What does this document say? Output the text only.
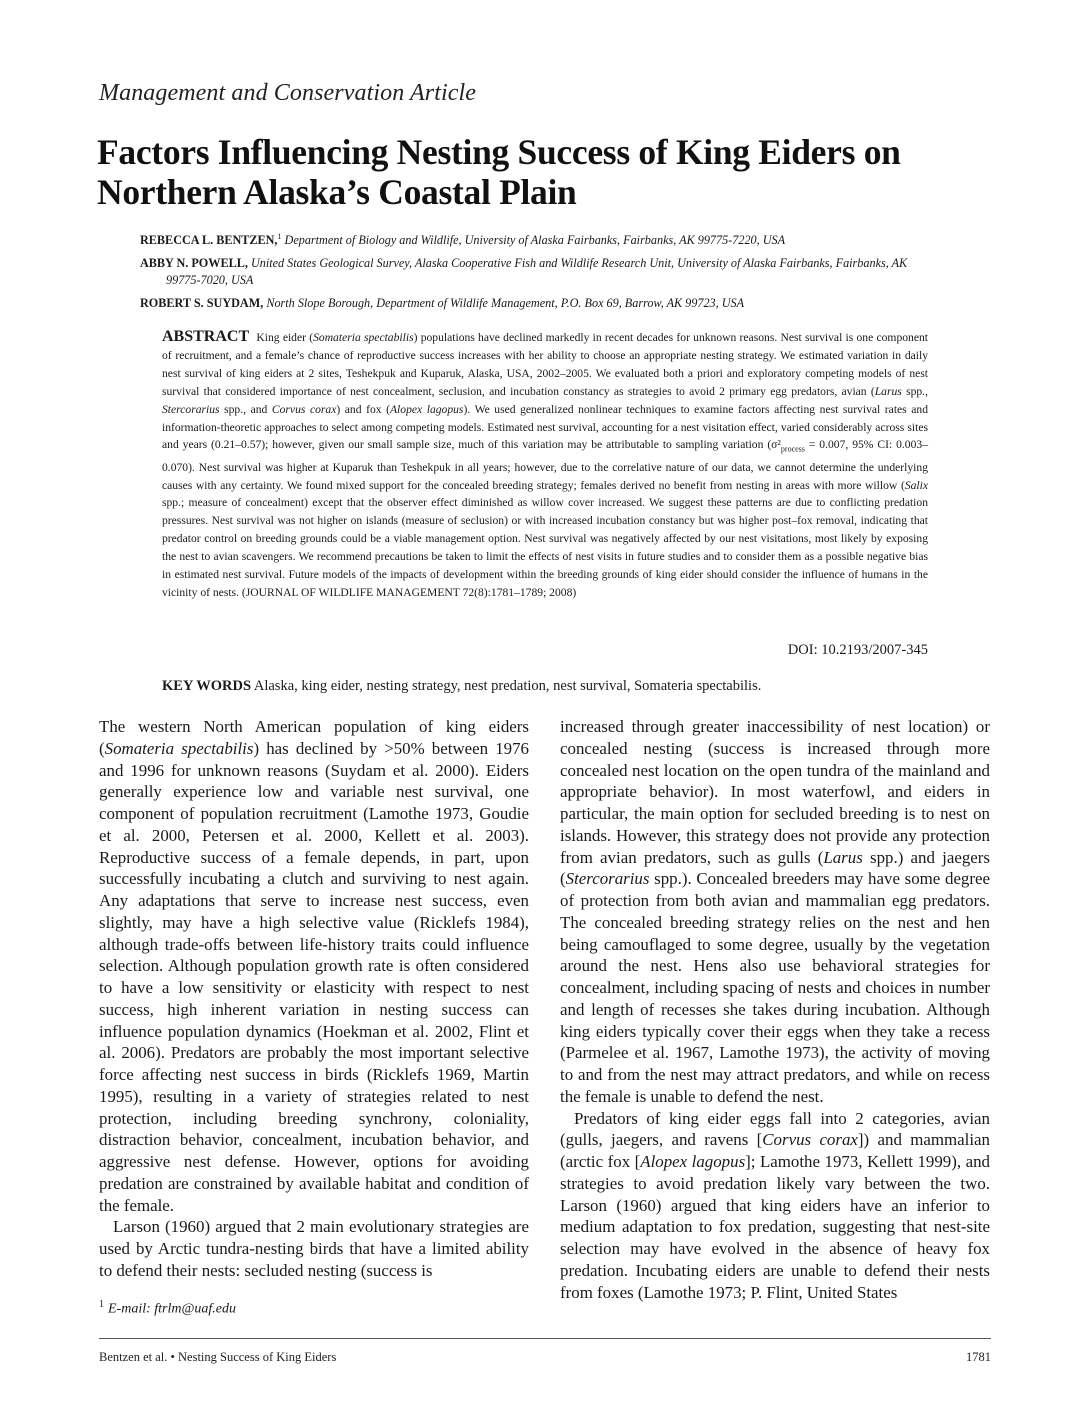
Management and Conservation Article
Factors Influencing Nesting Success of King Eiders on Northern Alaska’s Coastal Plain
REBECCA L. BENTZEN,$^1$ Department of Biology and Wildlife, University of Alaska Fairbanks, Fairbanks, AK 99775-7220, USA
ABBY N. POWELL, United States Geological Survey, Alaska Cooperative Fish and Wildlife Research Unit, University of Alaska Fairbanks, Fairbanks, AK
99775-7020, USA
ROBERT S. SUYDAM, North Slope Borough, Department of Wildlife Management, P.O. Box 69, Barrow, AK 99723, USA
ABSTRACT King eider (Somateria spectabilis) populations have declined markedly in recent decades for unknown reasons. Nest survival is one component of recruitment, and a female’s chance of reproductive success increases with her ability to choose an appropriate nesting strategy. We estimated variation in daily nest survival of king eiders at 2 sites, Teshekpuk and Kuparuk, Alaska, USA, 2002–2005. We evaluated both a priori and exploratory competing models of nest survival that considered importance of nest concealment, seclusion, and incubation constancy as strategies to avoid 2 primary egg predators, avian (Larus spp., Stercorarius spp., and Corvus corax) and fox (Alopex lagopus). We used generalized nonlinear techniques to examine factors affecting nest survival rates and information-theoretic approaches to select among competing models. Estimated nest survival, accounting for a nest visitation effect, varied considerably across sites and years (0.21–0.57); however, given our small sample size, much of this variation may be attributable to sampling variation ($\sigma^2_{process} = 0.007$, 95% CI: 0.003–0.070). Nest survival was higher at Kuparuk than Teshekpuk in all years; however, due to the correlative nature of our data, we cannot determine the underlying causes with any certainty. We found mixed support for the concealed breeding strategy; females derived no benefit from nesting in areas with more willow (Salix spp.; measure of concealment) except that the observer effect diminished as willow cover increased. We suggest these patterns are due to conflicting predation pressures. Nest survival was not higher on islands (measure of seclusion) or with increased incubation constancy but was higher post–fox removal, indicating that predator control on breeding grounds could be a viable management option. Nest survival was negatively affected by our nest visitations, most likely by exposing the nest to avian scavengers. We recommend precautions be taken to limit the effects of nest visits in future studies and to consider them as a possible negative bias in estimated nest survival. Future models of the impacts of development within the breeding grounds of king eider should consider the influence of humans in the vicinity of nests. (JOURNAL OF WILDLIFE MANAGEMENT 72(8):1781–1789; 2008)
DOI: 10.2193/2007-345
KEY WORDS Alaska, king eider, nesting strategy, nest predation, nest survival, Somateria spectabilis.

The western North American population of king eiders (Somateria spectabilis) has declined by >50% between 1976 and 1996 for unknown reasons (Suydam et al. 2000). Eiders generally experience low and variable nest survival, one component of population recruitment (Lamothe 1973, Goudie et al. 2000, Petersen et al. 2000, Kellett et al. 2003). Reproductive success of a female depends, in part, upon successfully incubating a clutch and surviving to nest again. Any adaptations that serve to increase nest success, even slightly, may have a high selective value (Ricklefs 1984), although trade-offs between life-history traits could influence selection. Although population growth rate is often considered to have a low sensitivity or elasticity with respect to nest success, high inherent variation in nesting success can influence population dynamics (Hoekman et al. 2002, Flint et al. 2006). Predators are probably the most important selective force affecting nest success in birds (Ricklefs 1969, Martin 1995), resulting in a variety of strategies related to nest protection, including breeding synchrony, coloniality, distraction behavior, concealment, incubation behavior, and aggressive nest defense. However, options for avoiding predation are constrained by available habitat and condition of the female.

Larson (1960) argued that 2 main evolutionary strategies are used by Arctic tundra-nesting birds that have a limited ability to defend their nests: secluded nesting (success is

increased through greater inaccessibility of nest location) or concealed nesting (success is increased through more concealed nest location on the open tundra of the mainland and appropriate behavior). In most waterfowl, and eiders in particular, the main option for secluded breeding is to nest on islands. However, this strategy does not provide any protection from avian predators, such as gulls (Larus spp.) and jaegers (Stercorarius spp.). Concealed breeders may have some degree of protection from both avian and mammalian egg predators. The concealed breeding strategy relies on the nest and hen being camouflaged to some degree, usually by the vegetation around the nest. Hens also use behavioral strategies for concealment, including spacing of nests and choices in number and length of recesses she takes during incubation. Although king eiders typically cover their eggs when they take a recess (Parmelee et al. 1967, Lamothe 1973), the activity of moving to and from the nest may attract predators, and while on recess the female is unable to defend the nest.

Predators of king eider eggs fall into 2 categories, avian (gulls, jaegers, and ravens [Corvus corax]) and mammalian (arctic fox [Alopex lagopus]; Lamothe 1973, Kellett 1999), and strategies to avoid predation likely vary between the two. Larson (1960) argued that king eiders have an inferior to medium adaptation to fox predation, suggesting that nest-site selection may have evolved in the absence of heavy fox predation. Incubating eiders are unable to defend their nests from foxes (Lamothe 1973; P. Flint, United States

$^1$ E-mail: ftrlm@uaf.edu
Bentzen et al. • Nesting Success of King Eiders	1781
